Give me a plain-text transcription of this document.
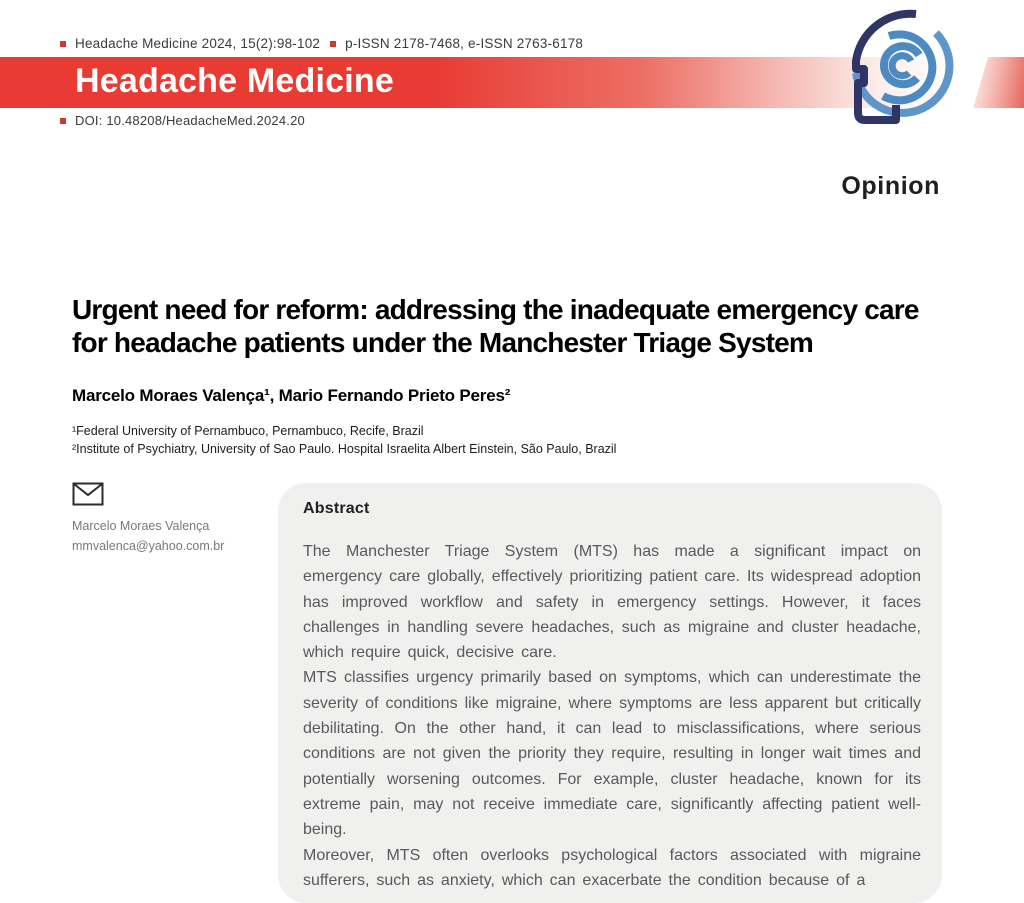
Headache Medicine 2024, 15(2):98-102 p-ISSN 2178-7468, e-ISSN 2763-6178
Headache Medicine
DOI: 10.48208/HeadacheMed.2024.20
Opinion
Urgent need for reform: addressing the inadequate emergency care
for headache patients under the Manchester Triage System
Marcelo Moraes Valença¹, Mario Fernando Prieto Peres²
¹Federal University of Pernambuco, Pernambuco, Recife, Brazil
²Institute of Psychiatry, University of Sao Paulo. Hospital Israelita Albert Einstein, São Paulo, Brazil
Marcelo Moraes Valença
mmvalenca@yahoo.com.br
Abstract

The Manchester Triage System (MTS) has made a significant impact on emergency care globally, effectively prioritizing patient care. Its widespread adoption has improved workflow and safety in emergency settings. However, it faces challenges in handling severe headaches, such as migraine and cluster headache, which require quick, decisive care.

MTS classifies urgency primarily based on symptoms, which can underestimate the severity of conditions like migraine, where symptoms are less apparent but critically debilitating. On the other hand, it can lead to misclassifications, where serious conditions are not given the priority they require, resulting in longer wait times and potentially worsening outcomes. For example, cluster headache, known for its extreme pain, may not receive immediate care, significantly affecting patient well-being.

Moreover, MTS often overlooks psychological factors associated with migraine sufferers, such as anxiety, which can exacerbate the condition because of a
